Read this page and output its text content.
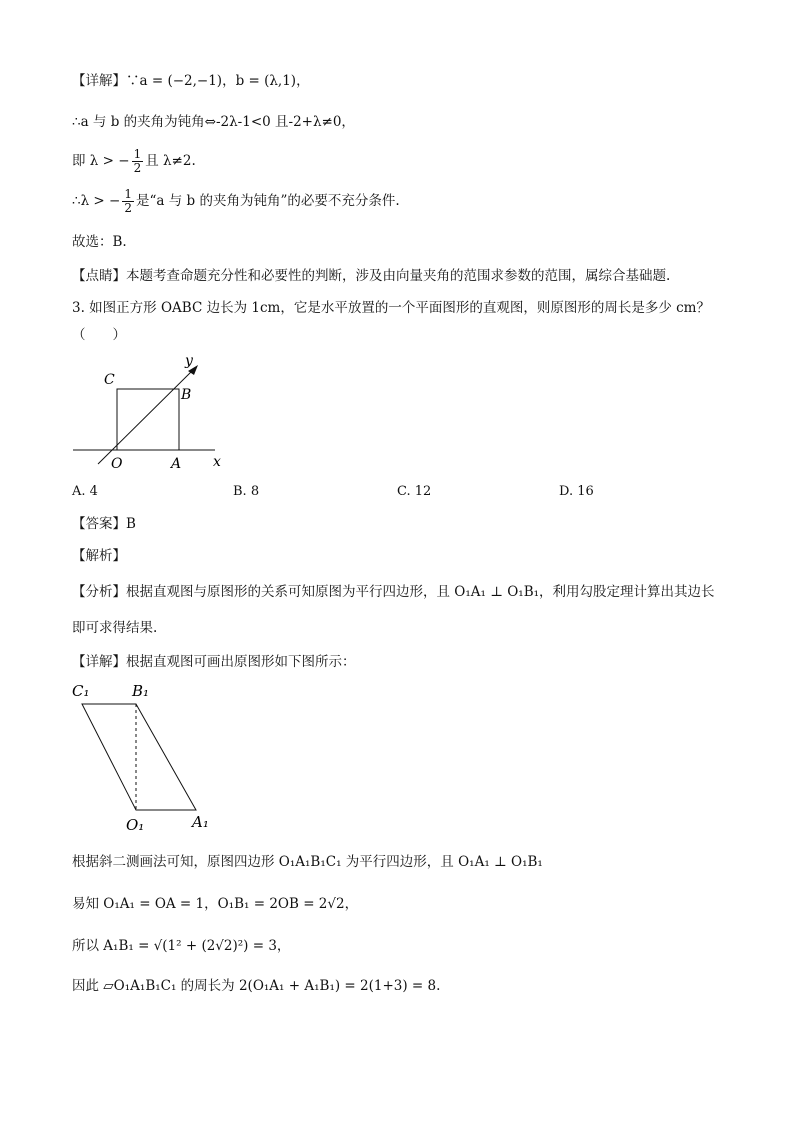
【详解】∵a = (−2,−1)，b = (λ,1)，
∴a 与 b 的夹角为钝角⇔-2λ-1<0 且-2+λ≠0，
即 λ > − $\frac{1}{2}$ 且 λ≠2.
∴λ > − $\frac{1}{2}$ 是“a 与 b 的夹角为钝角”的必要不充分条件.
故选：B.
【点睛】本题考查命题充分性和必要性的判断，涉及由向量夹角的范围求参数的范围，属综合基础题.
3. 如图正方形 OABC 边长为 1cm，它是水平放置的一个平面图形的直观图，则原图形的周长是多少 cm？
（　　）
C
B
y
O	A x
A. 4	B. 8	C. 12	D. 16
【答案】B
【解析】
【分析】根据直观图与原图形的关系可知原图为平行四边形，且 O₁A₁ ⊥ O₁B₁，利用勾股定理计算出其边长
即可求得结果.
【详解】根据直观图可画出原图形如下图所示：
C₁	B₁
O₁	A₁
根据斜二测画法可知，原图四边形 O₁A₁B₁C₁ 为平行四边形，且 O₁A₁ ⊥ O₁B₁
易知 O₁A₁ = OA = 1，O₁B₁ = 2OB = 2√2，
所以 A₁B₁ = √(1² + (2√2)²) = 3，
因此 ▱O₁A₁B₁C₁ 的周长为 2(O₁A₁ + A₁B₁) = 2(1+3) = 8.
